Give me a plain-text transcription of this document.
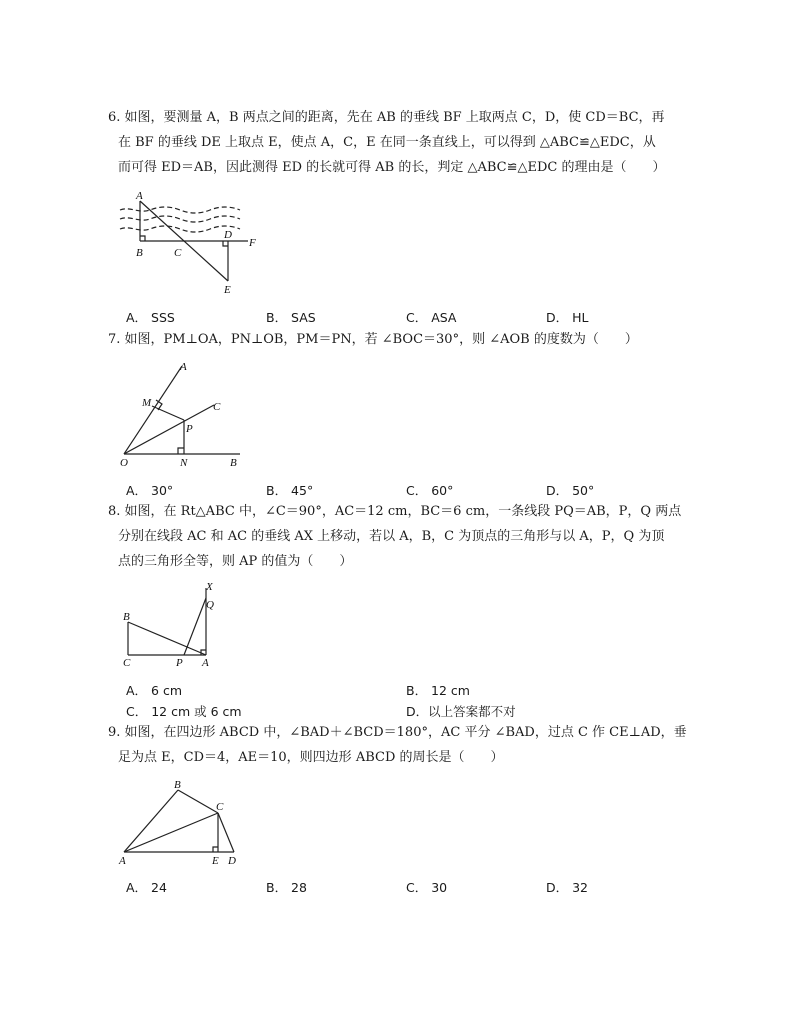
6. 如图，要测量 A，B 两点之间的距离，先在 AB 的垂线 BF 上取两点 C，D，使 CD＝BC，再
在 BF 的垂线 DE 上取点 E，使点 A，C，E 在同一条直线上，可以得到 △ABC≌△EDC，从
而可得 ED＝AB，因此测得 ED 的长就可得 AB 的长，判定 △ABC≌△EDC 的理由是（　　）
A
B	C
D
F
E
A． SSS	B． SAS	C． ASA	D． HL
7. 如图，PM⊥OA，PN⊥OB，PM＝PN，若 ∠BOC＝30°，则 ∠AOB 的度数为（　　）
A
M	C
P
O	N	B
A． 30°	B． 45°	C． 60°	D． 50°
8. 如图，在 Rt△ABC 中，∠C＝90°，AC＝12 cm，BC＝6 cm，一条线段 PQ＝AB，P，Q 两点
分别在线段 AC 和 AC 的垂线 AX 上移动，若以 A，B，C 为顶点的三角形与以 A，P，Q 为顶
点的三角形全等，则 AP 的值为（　　）
X
Q
B
C	P A
A． 6 cm	B． 12 cm
C． 12 cm 或 6 cm	D．以上答案都不对
9. 如图，在四边形 ABCD 中，∠BAD＋∠BCD＝180°，AC 平分 ∠BAD，过点 C 作 CE⊥AD，垂
足为点 E，CD＝4，AE＝10，则四边形 ABCD 的周长是（　　）
B
C
A	E D
A． 24	B． 28	C． 30	D． 32
